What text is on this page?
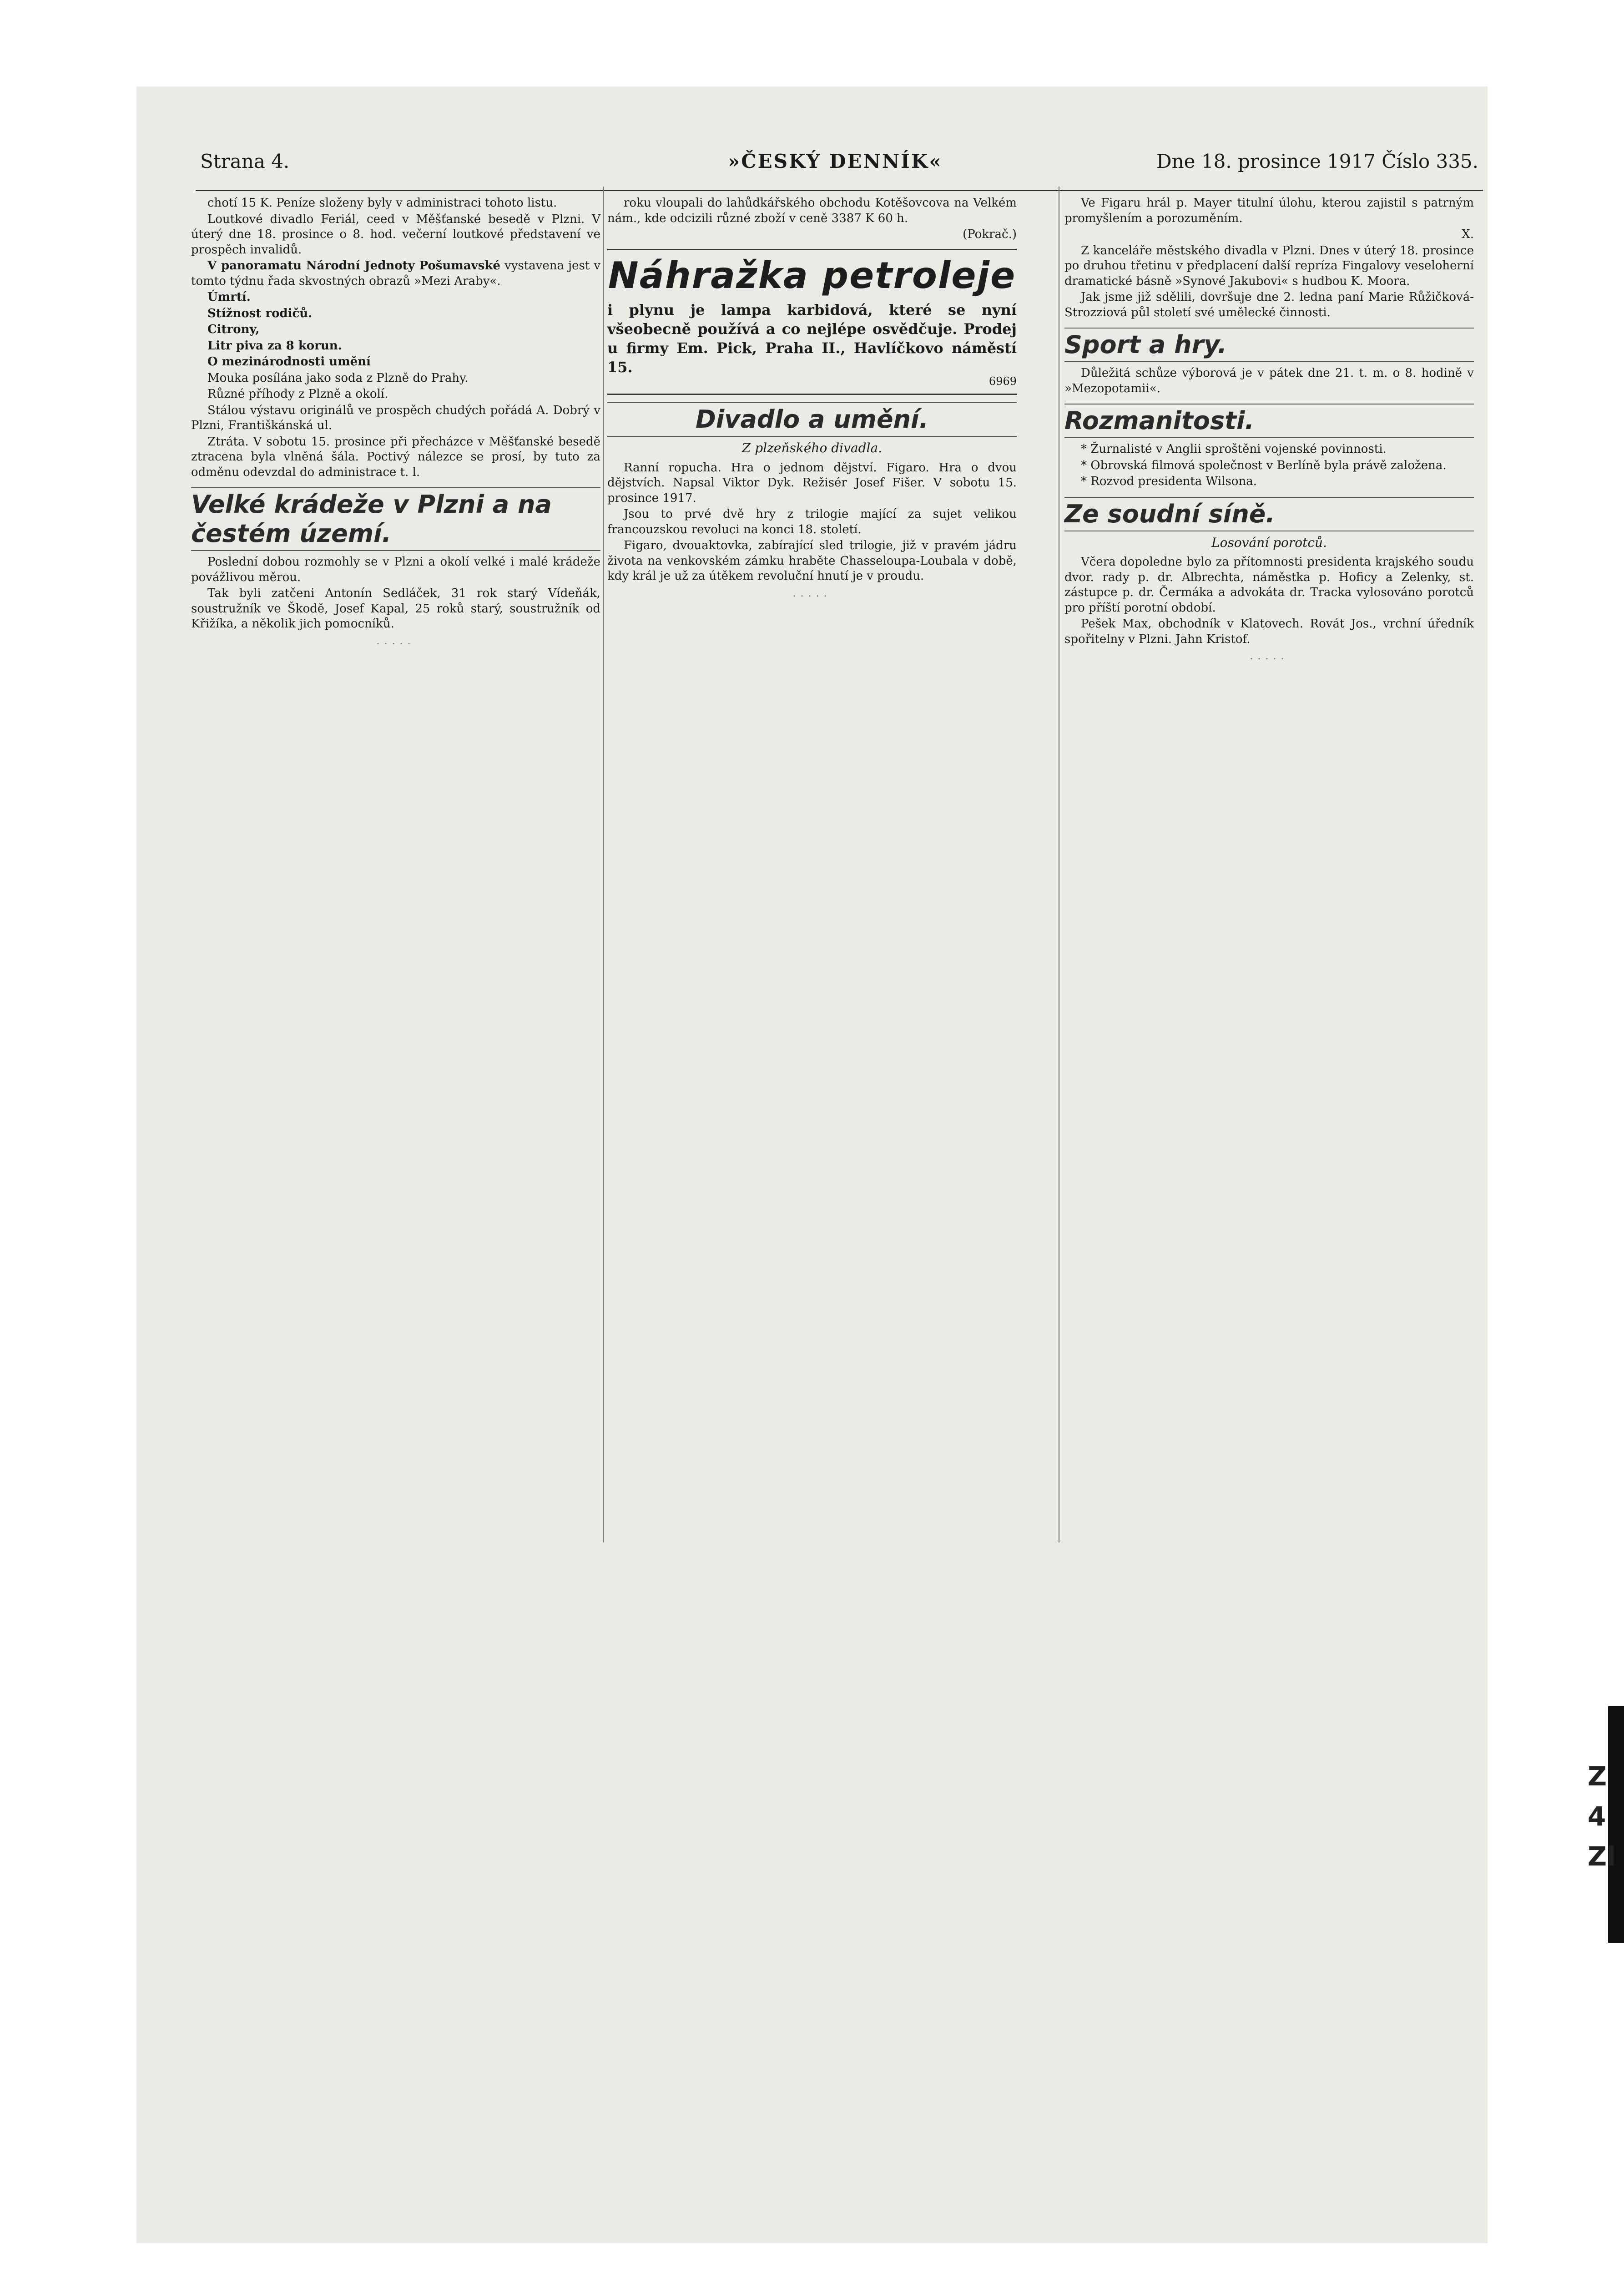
Z
4
Zl
Strana 4.	»ČESKÝ DENNÍK«	Dne 18. prosince 1917 Číslo 335.

chotí 15 K. Peníze složeny byly v administraci tohoto listu.

Loutkové divadlo Feriál, ceed v Měšťanské besedě v Plzni. V úterý dne 18. prosince o 8. hod. večerní loutkové představení ve prospěch invalidů.

V panoramatu Národní Jednoty Pošumavské vystavena jest v tomto týdnu řada skvostných obrazů »Mezi Araby«.

Úmrtí.

Stížnost rodičů.

Citrony,

Litr piva za 8 korun.

O mezinárodnosti umění

Mouka posílána jako soda z Plzně do Prahy.

Různé příhody z Plzně a okolí.

Stálou výstavu originálů ve prospěch chudých pořádá A. Dobrý v Plzni, Františkánská ul.

Ztráta. V sobotu 15. prosince při přecházce v Měšťanské besedě ztracena byla vlněná šála. Poctivý nálezce se prosí, by tuto za odměnu odevzdal do administrace t. l.

Velké krádeže v Plzni a na čestém území.

Poslední dobou rozmohly se v Plzni a okolí velké i malé krádeže povážlivou měrou.

Tak byli zatčeni Antonín Sedláček, 31 rok starý Vídeňák, soustružník ve Škodě, Josef Kapal, 25 roků starý, soustružník od Křižíka, a několik jich pomocníků.

.....

roku vloupali do lahůdkářského obchodu Kotěšovcova na Velkém nám., kde odcizili různé zboží v ceně 3387 K 60 h.

(Pokrač.)

Náhražka petroleje
i plynu je lampa karbidová, které se nyní všeobecně používá a co nejlépe osvědčuje. Prodej u firmy Em. Pick, Praha II., Havlíčkovo náměstí 15.
6969
Divadlo a umění.
Z plzeňského divadla.

Ranní ropucha. Hra o jednom dějství. Figaro. Hra o dvou dějstvích. Napsal Viktor Dyk. Režisér Josef Fišer. V sobotu 15. prosince 1917.

Jsou to prvé dvě hry z trilogie mající za sujet velikou francouzskou revoluci na konci 18. století.

Figaro, dvouaktovka, zabírající sled trilogie, již v pravém jádru života na venkovském zámku hraběte Chasseloupa-Loubala v době, kdy král je už za útěkem revoluční hnutí je v proudu.

.....

Ve Figaru hrál p. Mayer titulní úlohu, kterou zajistil s patrným promyšlením a porozuměním.

X.

Z kanceláře městského divadla v Plzni. Dnes v úterý 18. prosince po druhou třetinu v předplacení další repríza Fingalovy veseloherní dramatické básně »Synové Jakubovi« s hudbou K. Moora.

Jak jsme již sdělili, dovršuje dne 2. ledna paní Marie Růžičková-Strozziová půl století své umělecké činnosti.

Sport a hry.

Důležitá schůze výborová je v pátek dne 21. t. m. o 8. hodině v »Mezopotamii«.

Rozmanitosti.

* Žurnalisté v Anglii sproštěni vojenské povinnosti.

* Obrovská filmová společnost v Berlíně byla právě založena.

* Rozvod presidenta Wilsona.

Ze soudní síně.
Losování porotců.

Včera dopoledne bylo za přítomnosti presidenta krajského soudu dvor. rady p. dr. Albrechta, náměstka p. Hoficy a Zelenky, st. zástupce p. dr. Čermáka a advokáta dr. Tracka vylosováno porotců pro příští porotní období.

Pešek Max, obchodník v Klatovech. Rovát Jos., vrchní úředník spořitelny v Plzni. Jahn Kristof.

.....
